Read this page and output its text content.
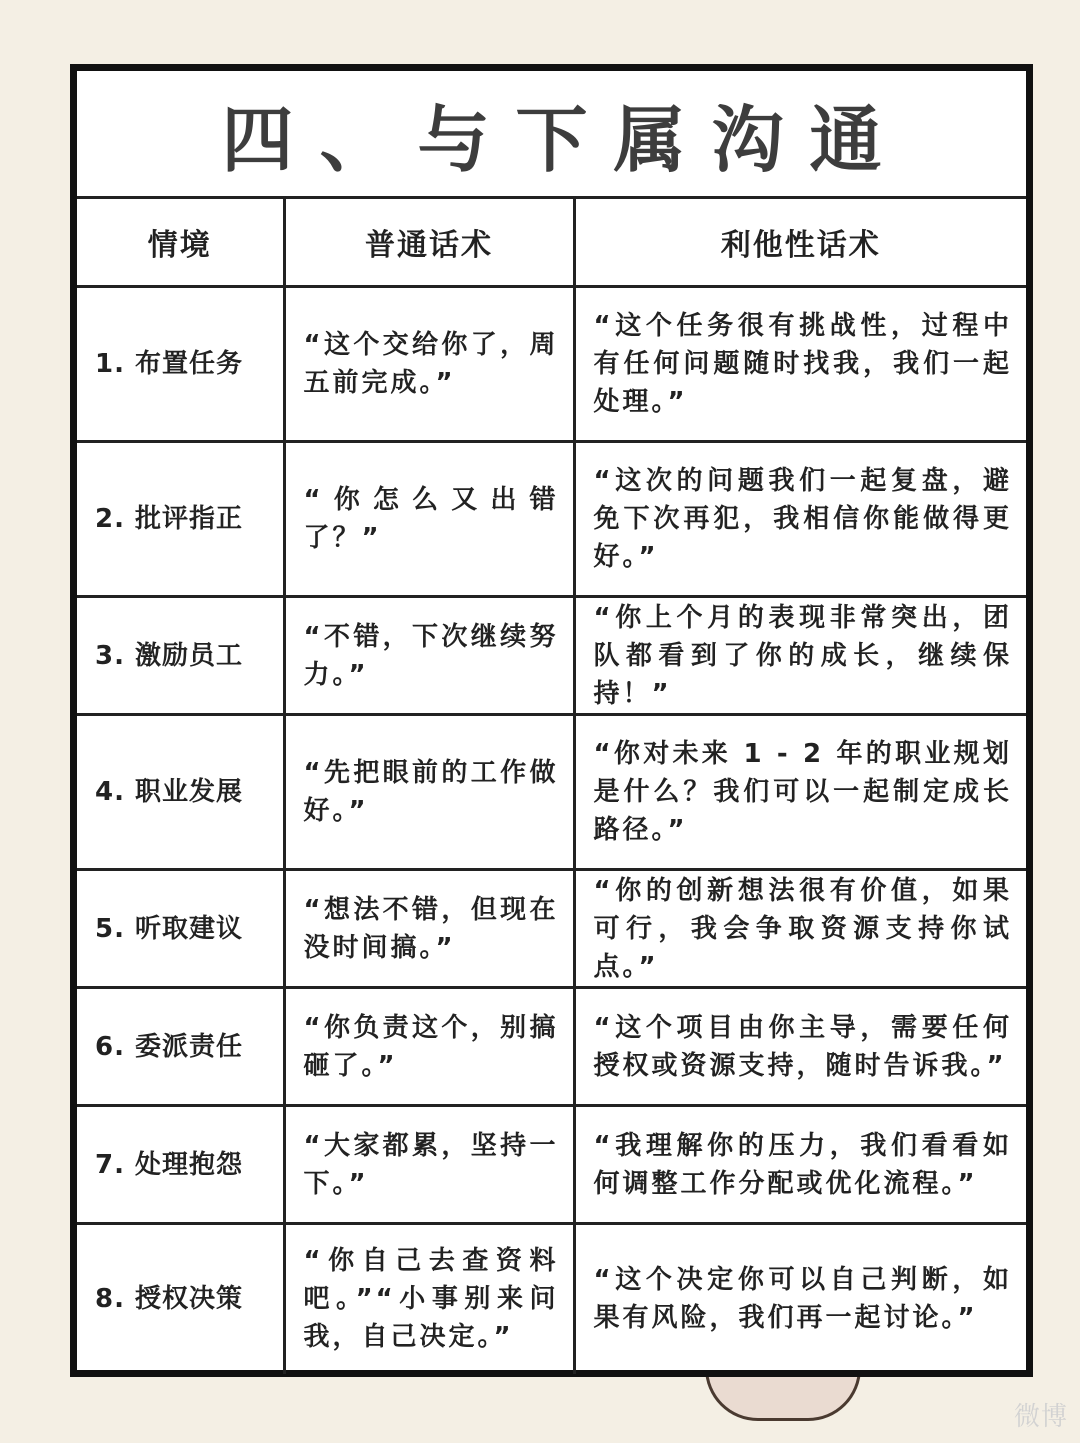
四、与下属沟通
情境	普通话术	利他性话术
1. 布置任务	“这个交给你了，周五前完成。”	“这个任务很有挑战性，过程中有任何问题随时找我，我们一起处理。”
2. 批评指正	“你怎么又出错了？”	“这次的问题我们一起复盘，避免下次再犯，我相信你能做得更好。”
3. 激励员工	“不错，下次继续努力。”	“你上个月的表现非常突出，团队都看到了你的成长，继续保持！”
4. 职业发展	“先把眼前的工作做好。”	“你对未来 1 - 2 年的职业规划是什么？我们可以一起制定成长路径。”
5. 听取建议	“想法不错，但现在没时间搞。”	“你的创新想法很有价值，如果可行，我会争取资源支持你试点。”
6. 委派责任	“你负责这个，别搞砸了。”	“这个项目由你主导，需要任何授权或资源支持，随时告诉我。”
7. 处理抱怨	“大家都累，坚持一下。”	“我理解你的压力，我们看看如何调整工作分配或优化流程。”
8. 授权决策	“你自己去查资料吧。”“小事别来问我，自己决定。”	“这个决定你可以自己判断，如果有风险，我们再一起讨论。”
微博
